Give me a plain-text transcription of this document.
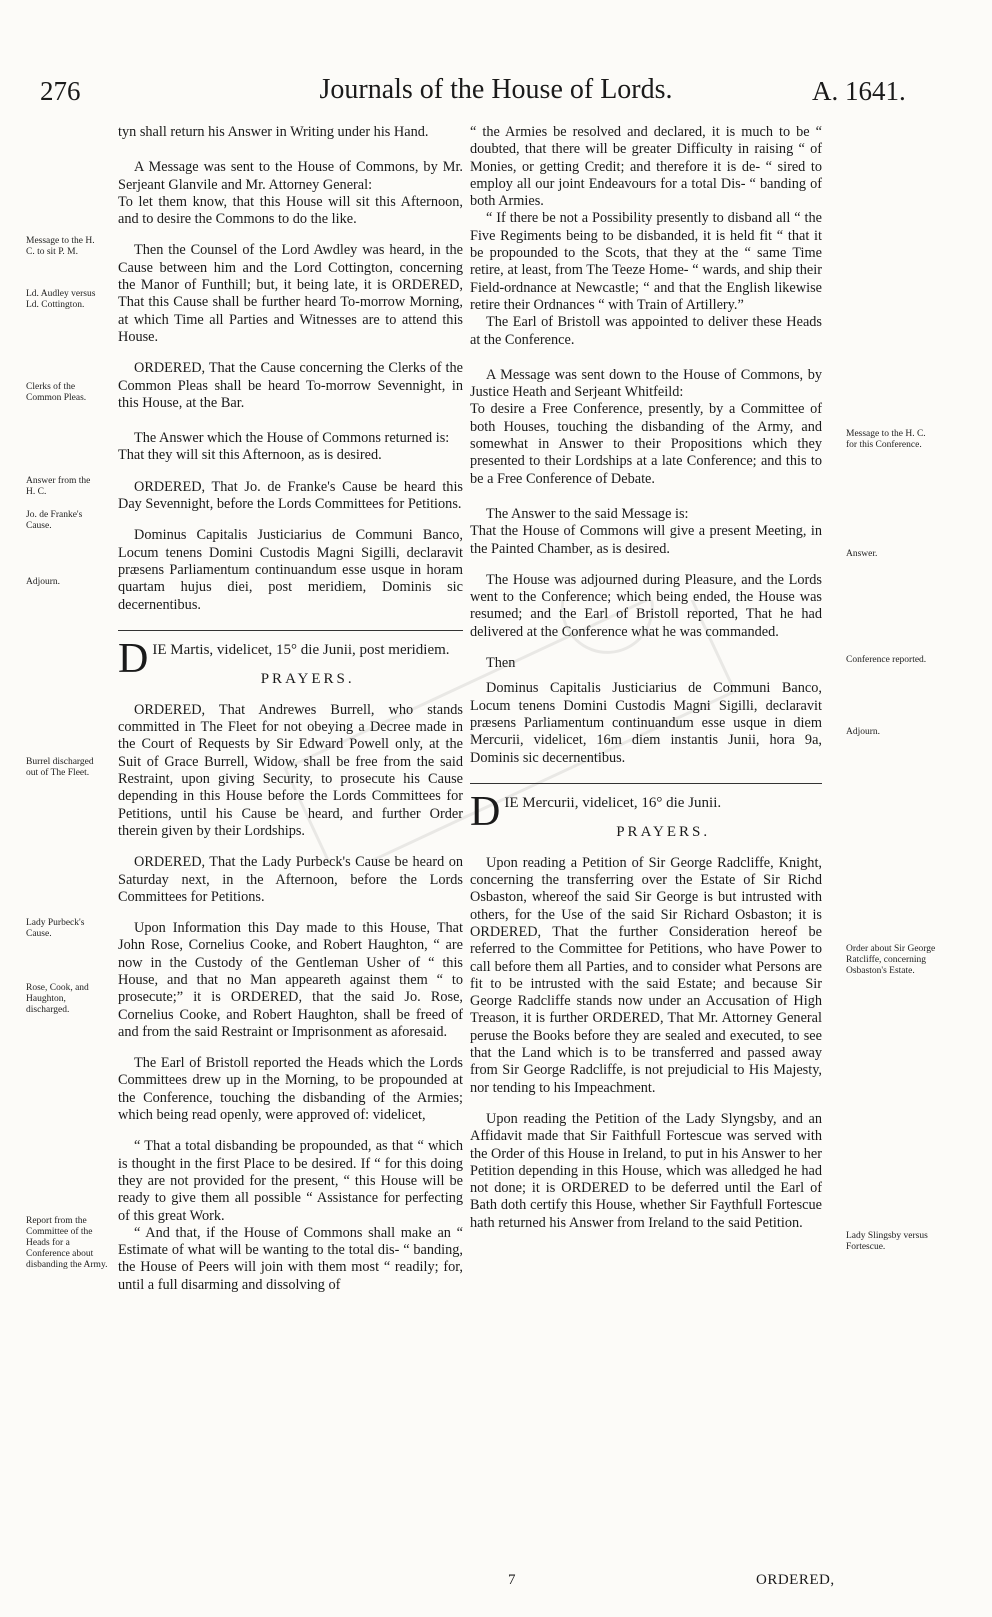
276	Journals of the House of Lords.	A. 1641.
Message to the H. C. to sit P. M.
Ld. Audley versus Ld. Cottington.
Clerks of the Common Pleas.
Answer from the H. C.
Jo. de Franke's Cause.
Adjourn.
Burrel discharged out of The Fleet.
Lady Purbeck's Cause.
Rose, Cook, and Haughton, discharged.
Report from the Committee of the Heads for a Conference about disbanding the Army.
Message to the H. C. for this Conference.
Answer.
Conference reported.
Adjourn.
Order about Sir George Ratcliffe, concerning Osbaston's Estate.
Lady Slingsby versus Fortescue.

tyn shall return his Answer in Writing under his Hand.

A Message was sent to the House of Commons, by Mr. Serjeant Glanvile and Mr. Attorney General:

To let them know, that this House will sit this Afternoon, and to desire the Commons to do the like.

Then the Counsel of the Lord Awdley was heard, in the Cause between him and the Lord Cottington, concerning the Manor of Funthill; but, it being late, it is ORDERED, That this Cause shall be further heard To-morrow Morning, at which Time all Parties and Witnesses are to attend this House.

ORDERED, That the Cause concerning the Clerks of the Common Pleas shall be heard To-morrow Sevennight, in this House, at the Bar.

The Answer which the House of Commons returned is:

That they will sit this Afternoon, as is desired.

ORDERED, That Jo. de Franke's Cause be heard this Day Sevennight, before the Lords Committees for Petitions.

Dominus Capitalis Justiciarius de Communi Banco, Locum tenens Domini Custodis Magni Sigilli, declaravit præsens Parliamentum continuandum esse usque in horam quartam hujus diei, post meridiem, Dominis sic decernentibus.

D IE Martis, videlicet, 15° die Junii, post meridiem.
PRAYERS.

ORDERED, That Andrewes Burrell, who stands committed in The Fleet for not obeying a Decree made in the Court of Requests by Sir Edward Powell only, at the Suit of Grace Burrell, Widow, shall be free from the said Restraint, upon giving Security, to prosecute his Cause depending in this House before the Lords Committees for Petitions, until his Cause be heard, and further Order therein given by their Lordships.

ORDERED, That the Lady Purbeck's Cause be heard on Saturday next, in the Afternoon, before the Lords Committees for Petitions.

Upon Information this Day made to this House, That John Rose, Cornelius Cooke, and Robert Haughton, “ are now in the Custody of the Gentleman Usher of “ this House, and that no Man appeareth against them “ to prosecute;” it is ORDERED, that the said Jo. Rose, Cornelius Cooke, and Robert Haughton, shall be freed of and from the said Restraint or Imprisonment as aforesaid.

The Earl of Bristoll reported the Heads which the Lords Committees drew up in the Morning, to be propounded at the Conference, touching the disbanding of the Armies; which being read openly, were approved of: videlicet,

“ That a total disbanding be propounded, as that “ which is thought in the first Place to be desired. If “ for this doing they are not provided for the present, “ this House will be ready to give them all possible “ Assistance for perfecting of this great Work.

“ And that, if the House of Commons shall make an “ Estimate of what will be wanting to the total dis- “ banding, the House of Peers will join with them most “ readily; for, until a full disarming and dissolving of

“ the Armies be resolved and declared, it is much to be “ doubted, that there will be greater Difficulty in raising “ of Monies, or getting Credit; and therefore it is de- “ sired to employ all our joint Endeavours for a total Dis- “ banding of both Armies.

“ If there be not a Possibility presently to disband all “ the Five Regiments being to be disbanded, it is held fit “ that it be propounded to the Scots, that they at the “ same Time retire, at least, from The Teeze Home- “ wards, and ship their Field-ordnance at Newcastle; “ and that the English likewise retire their Ordnances “ with Train of Artillery.”

The Earl of Bristoll was appointed to deliver these Heads at the Conference.

A Message was sent down to the House of Commons, by Justice Heath and Serjeant Whitfeild:

To desire a Free Conference, presently, by a Committee of both Houses, touching the disbanding of the Army, and somewhat in Answer to their Propositions which they presented to their Lordships at a late Conference; and this to be a Free Conference of Debate.

The Answer to the said Message is:

That the House of Commons will give a present Meeting, in the Painted Chamber, as is desired.

The House was adjourned during Pleasure, and the Lords went to the Conference; which being ended, the House was resumed; and the Earl of Bristoll reported, That he had delivered at the Conference what he was commanded.

Then

Dominus Capitalis Justiciarius de Communi Banco, Locum tenens Domini Custodis Magni Sigilli, declaravit præsens Parliamentum continuandum esse usque in diem Mercurii, videlicet, 16m diem instantis Junii, hora 9a, Dominis sic decernentibus.

D IE Mercurii, videlicet, 16° die Junii.
PRAYERS.

Upon reading a Petition of Sir George Radcliffe, Knight, concerning the transferring over the Estate of Sir Richd Osbaston, whereof the said Sir George is but intrusted with others, for the Use of the said Sir Richard Osbaston; it is ORDERED, That the further Consideration hereof be referred to the Committee for Petitions, who have Power to call before them all Parties, and to consider what Persons are fit to be intrusted with the said Estate; and because Sir George Radcliffe stands now under an Accusation of High Treason, it is further ORDERED, That Mr. Attorney General peruse the Books before they are sealed and executed, to see that the Land which is to be transferred and passed away from Sir George Radcliffe, is not prejudicial to His Majesty, nor tending to his Impeachment.

Upon reading the Petition of the Lady Slyngsby, and an Affidavit made that Sir Faithfull Fortescue was served with the Order of this House in Ireland, to put in his Answer to her Petition depending in this House, which was alledged he had not done; it is ORDERED to be deferred until the Earl of Bath doth certify this House, whether Sir Faythfull Fortescue hath returned his Answer from Ireland to the said Petition.

7	ORDERED,
